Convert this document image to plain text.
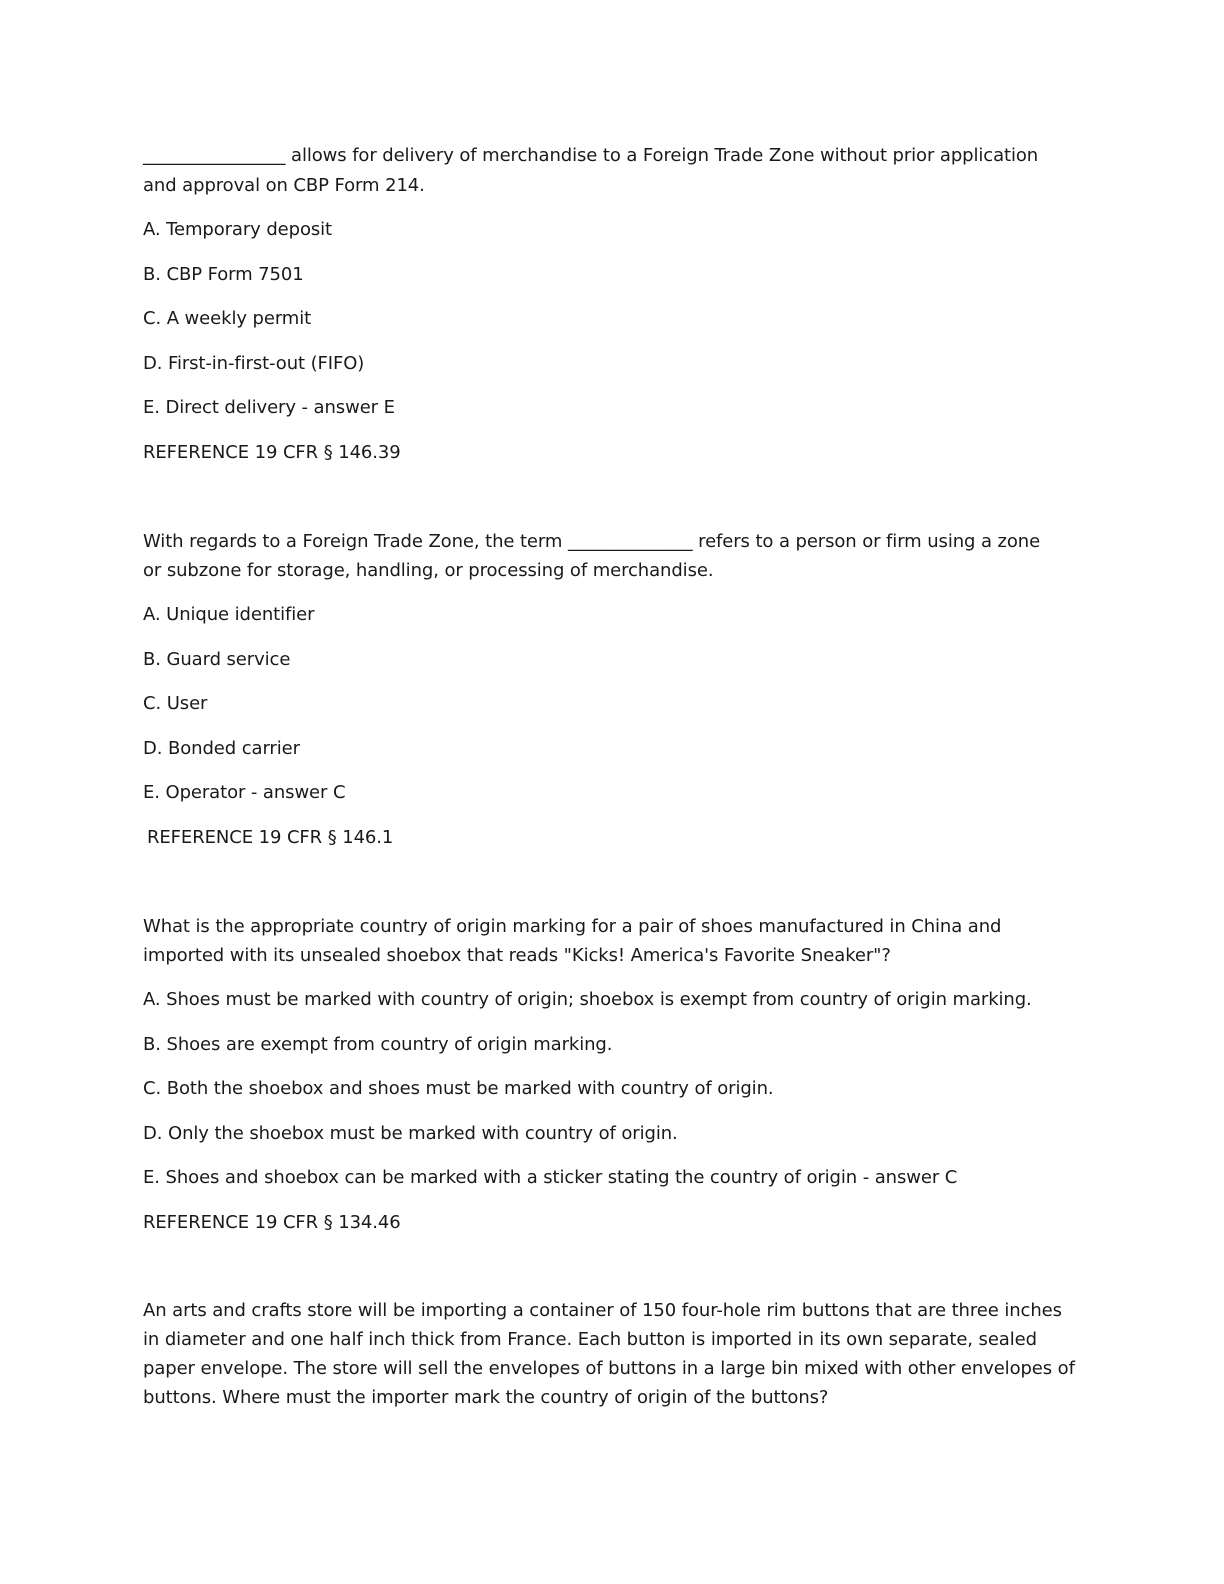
________________ allows for delivery of merchandise to a Foreign Trade Zone without prior application

and approval on CBP Form 214.

A. Temporary deposit

B. CBP Form 7501

C. A weekly permit

D. First-in-first-out (FIFO)

E. Direct delivery - answer E

REFERENCE 19 CFR § 146.39

With regards to a Foreign Trade Zone, the term ______________ refers to a person or firm using a zone

or subzone for storage, handling, or processing of merchandise.

A. Unique identifier

B. Guard service

C. User

D. Bonded carrier

E. Operator - answer C

REFERENCE 19 CFR § 146.1

What is the appropriate country of origin marking for a pair of shoes manufactured in China and

imported with its unsealed shoebox that reads "Kicks! America's Favorite Sneaker"?

A. Shoes must be marked with country of origin; shoebox is exempt from country of origin marking.

B. Shoes are exempt from country of origin marking.

C. Both the shoebox and shoes must be marked with country of origin.

D. Only the shoebox must be marked with country of origin.

E. Shoes and shoebox can be marked with a sticker stating the country of origin - answer C

REFERENCE 19 CFR § 134.46

An arts and crafts store will be importing a container of 150 four-hole rim buttons that are three inches

in diameter and one half inch thick from France. Each button is imported in its own separate, sealed

paper envelope. The store will sell the envelopes of buttons in a large bin mixed with other envelopes of

buttons. Where must the importer mark the country of origin of the buttons?
